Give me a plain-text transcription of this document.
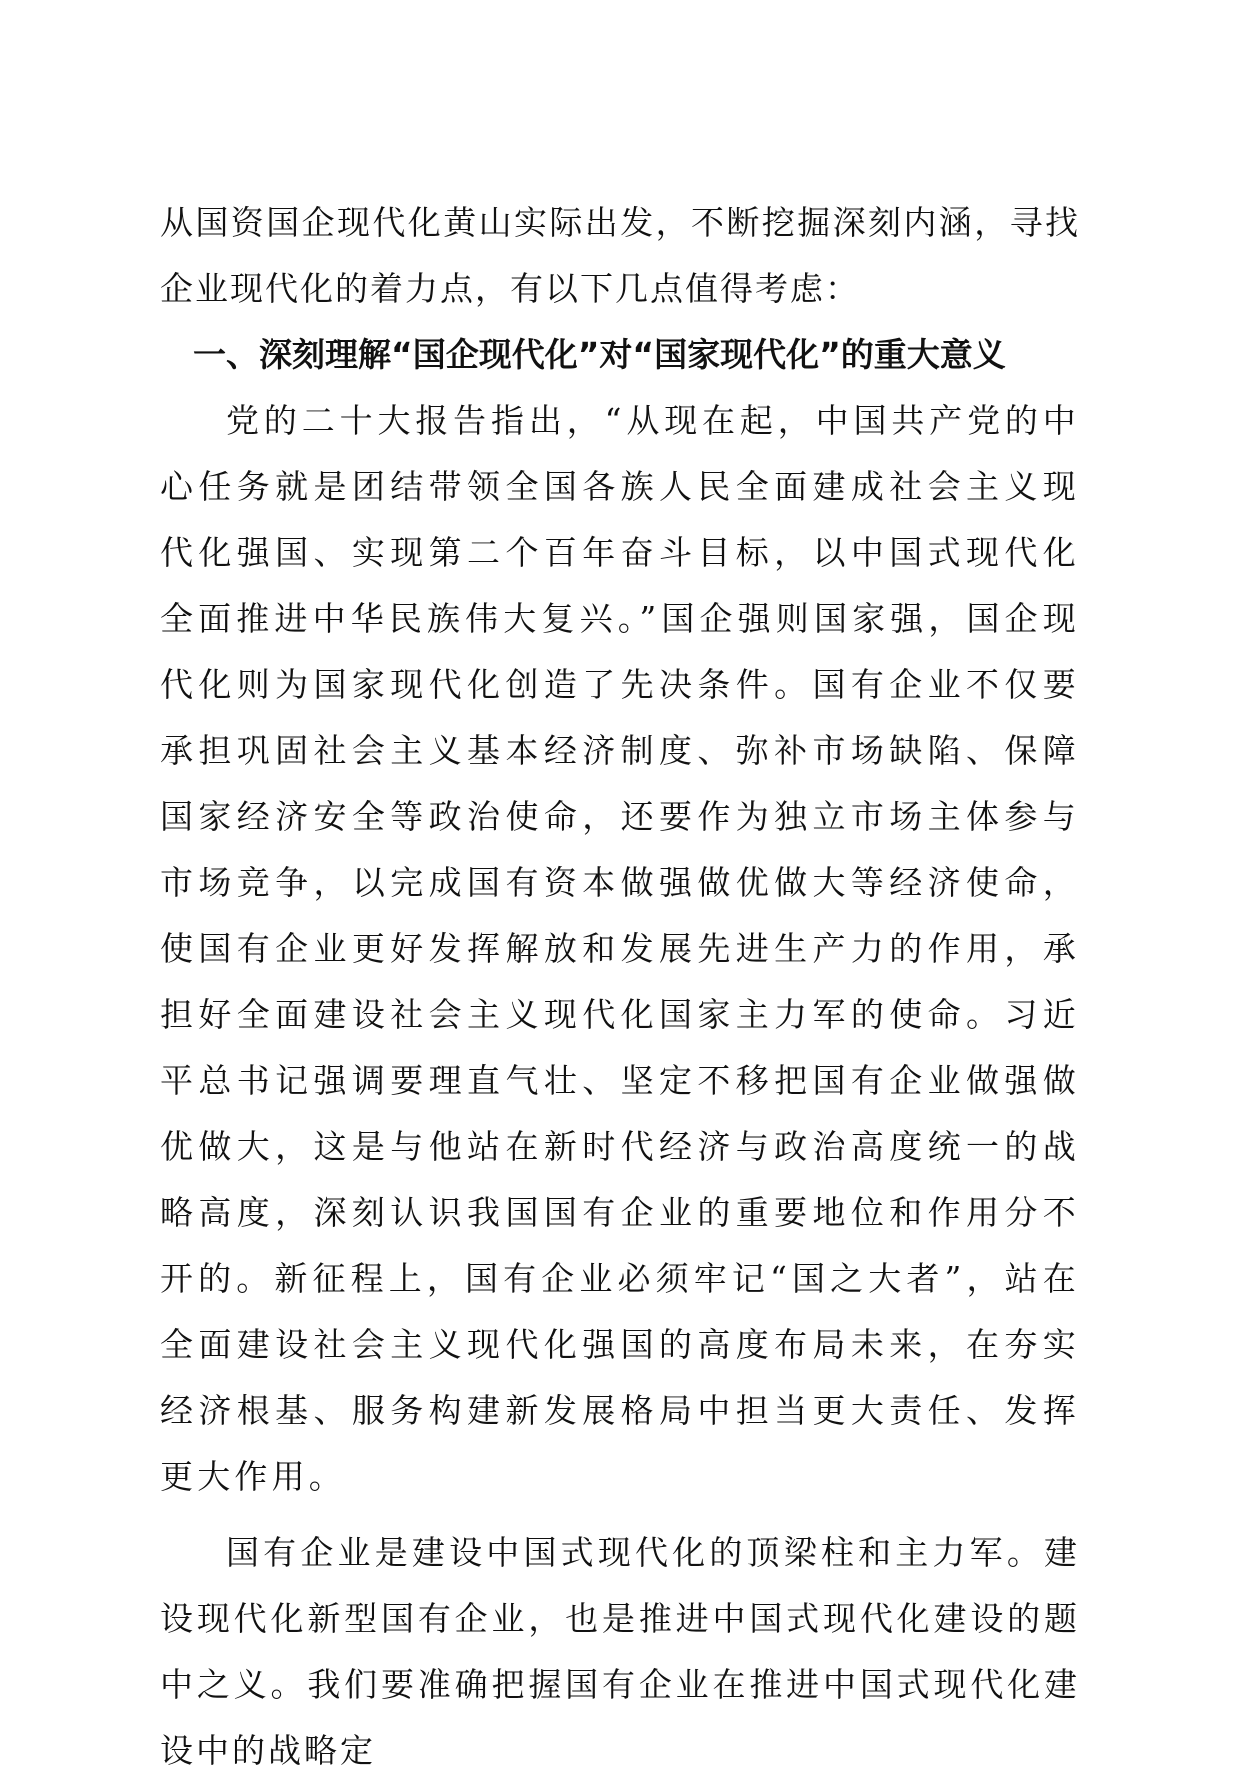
从国资国企现代化黄山实际出发，不断挖掘深刻内涵，寻找企业现代化的着力点，有以下几点值得考虑：

一、深刻理解“国企现代化”对“国家现代化”的重大意义

党的二十大报告指出，“从现在起，中国共产党的中心任务就是团结带领全国各族人民全面建成社会主义现代化强国、实现第二个百年奋斗目标，以中国式现代化全面推进中华民族伟大复兴。”国企强则国家强，国企现代化则为国家现代化创造了先决条件。国有企业不仅要承担巩固社会主义基本经济制度、弥补市场缺陷、保障国家经济安全等政治使命，还要作为独立市场主体参与市场竞争，以完成国有资本做强做优做大等经济使命，使国有企业更好发挥解放和发展先进生产力的作用，承担好全面建设社会主义现代化国家主力军的使命。习近平总书记强调要理直气壮、坚定不移把国有企业做强做优做大，这是与他站在新时代经济与政治高度统一的战略高度，深刻认识我国国有企业的重要地位和作用分不开的。新征程上，国有企业必须牢记“国之大者”，站在全面建设社会主义现代化强国的高度布局未来，在夯实经济根基、服务构建新发展格局中担当更大责任、发挥更大作用。

国有企业是建设中国式现代化的顶梁柱和主力军。建设现代化新型国有企业，也是推进中国式现代化建设的题中之义。我们要准确把握国有企业在推进中国式现代化建设中的战略定
